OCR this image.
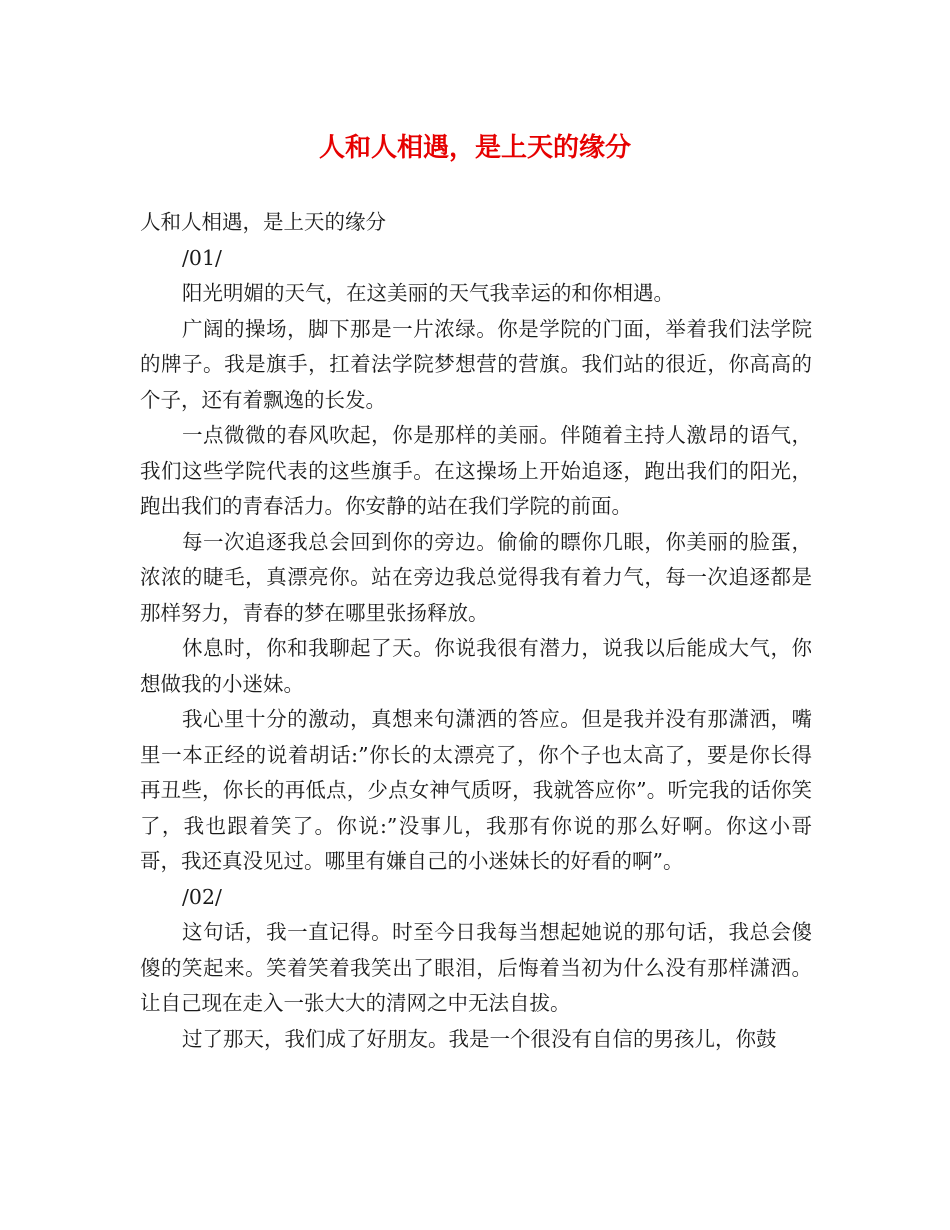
人和人相遇，是上天的缘分

人和人相遇，是上天的缘分

/01/

阳光明媚的天气，在这美丽的天气我幸运的和你相遇。

广阔的操场，脚下那是一片浓绿。你是学院的门面，举着我们法学院的牌子。我是旗手，扛着法学院梦想营的营旗。我们站的很近，你高高的个子，还有着飘逸的长发。

一点微微的春风吹起，你是那样的美丽。伴随着主持人激昂的语气，我们这些学院代表的这些旗手。在这操场上开始追逐，跑出我们的阳光，跑出我们的青春活力。你安静的站在我们学院的前面。

每一次追逐我总会回到你的旁边。偷偷的瞟你几眼，你美丽的脸蛋，浓浓的睫毛，真漂亮你。站在旁边我总觉得我有着力气，每一次追逐都是那样努力，青春的梦在哪里张扬释放。

休息时，你和我聊起了天。你说我很有潜力，说我以后能成大气，你想做我的小迷妹。

我心里十分的激动，真想来句潇洒的答应。但是我并没有那潇洒，嘴里一本正经的说着胡话:”你长的太漂亮了，你个子也太高了，要是你长得再丑些，你长的再低点，少点女神气质呀，我就答应你”。听完我的话你笑了，我也跟着笑了。你说:”没事儿，我那有你说的那么好啊。你这小哥哥，我还真没见过。哪里有嫌自己的小迷妹长的好看的啊”。

/02/

这句话，我一直记得。时至今日我每当想起她说的那句话，我总会傻傻的笑起来。笑着笑着我笑出了眼泪，后悔着当初为什么没有那样潇洒。让自己现在走入一张大大的清网之中无法自拔。

过了那天，我们成了好朋友。我是一个很没有自信的男孩儿，你鼓
